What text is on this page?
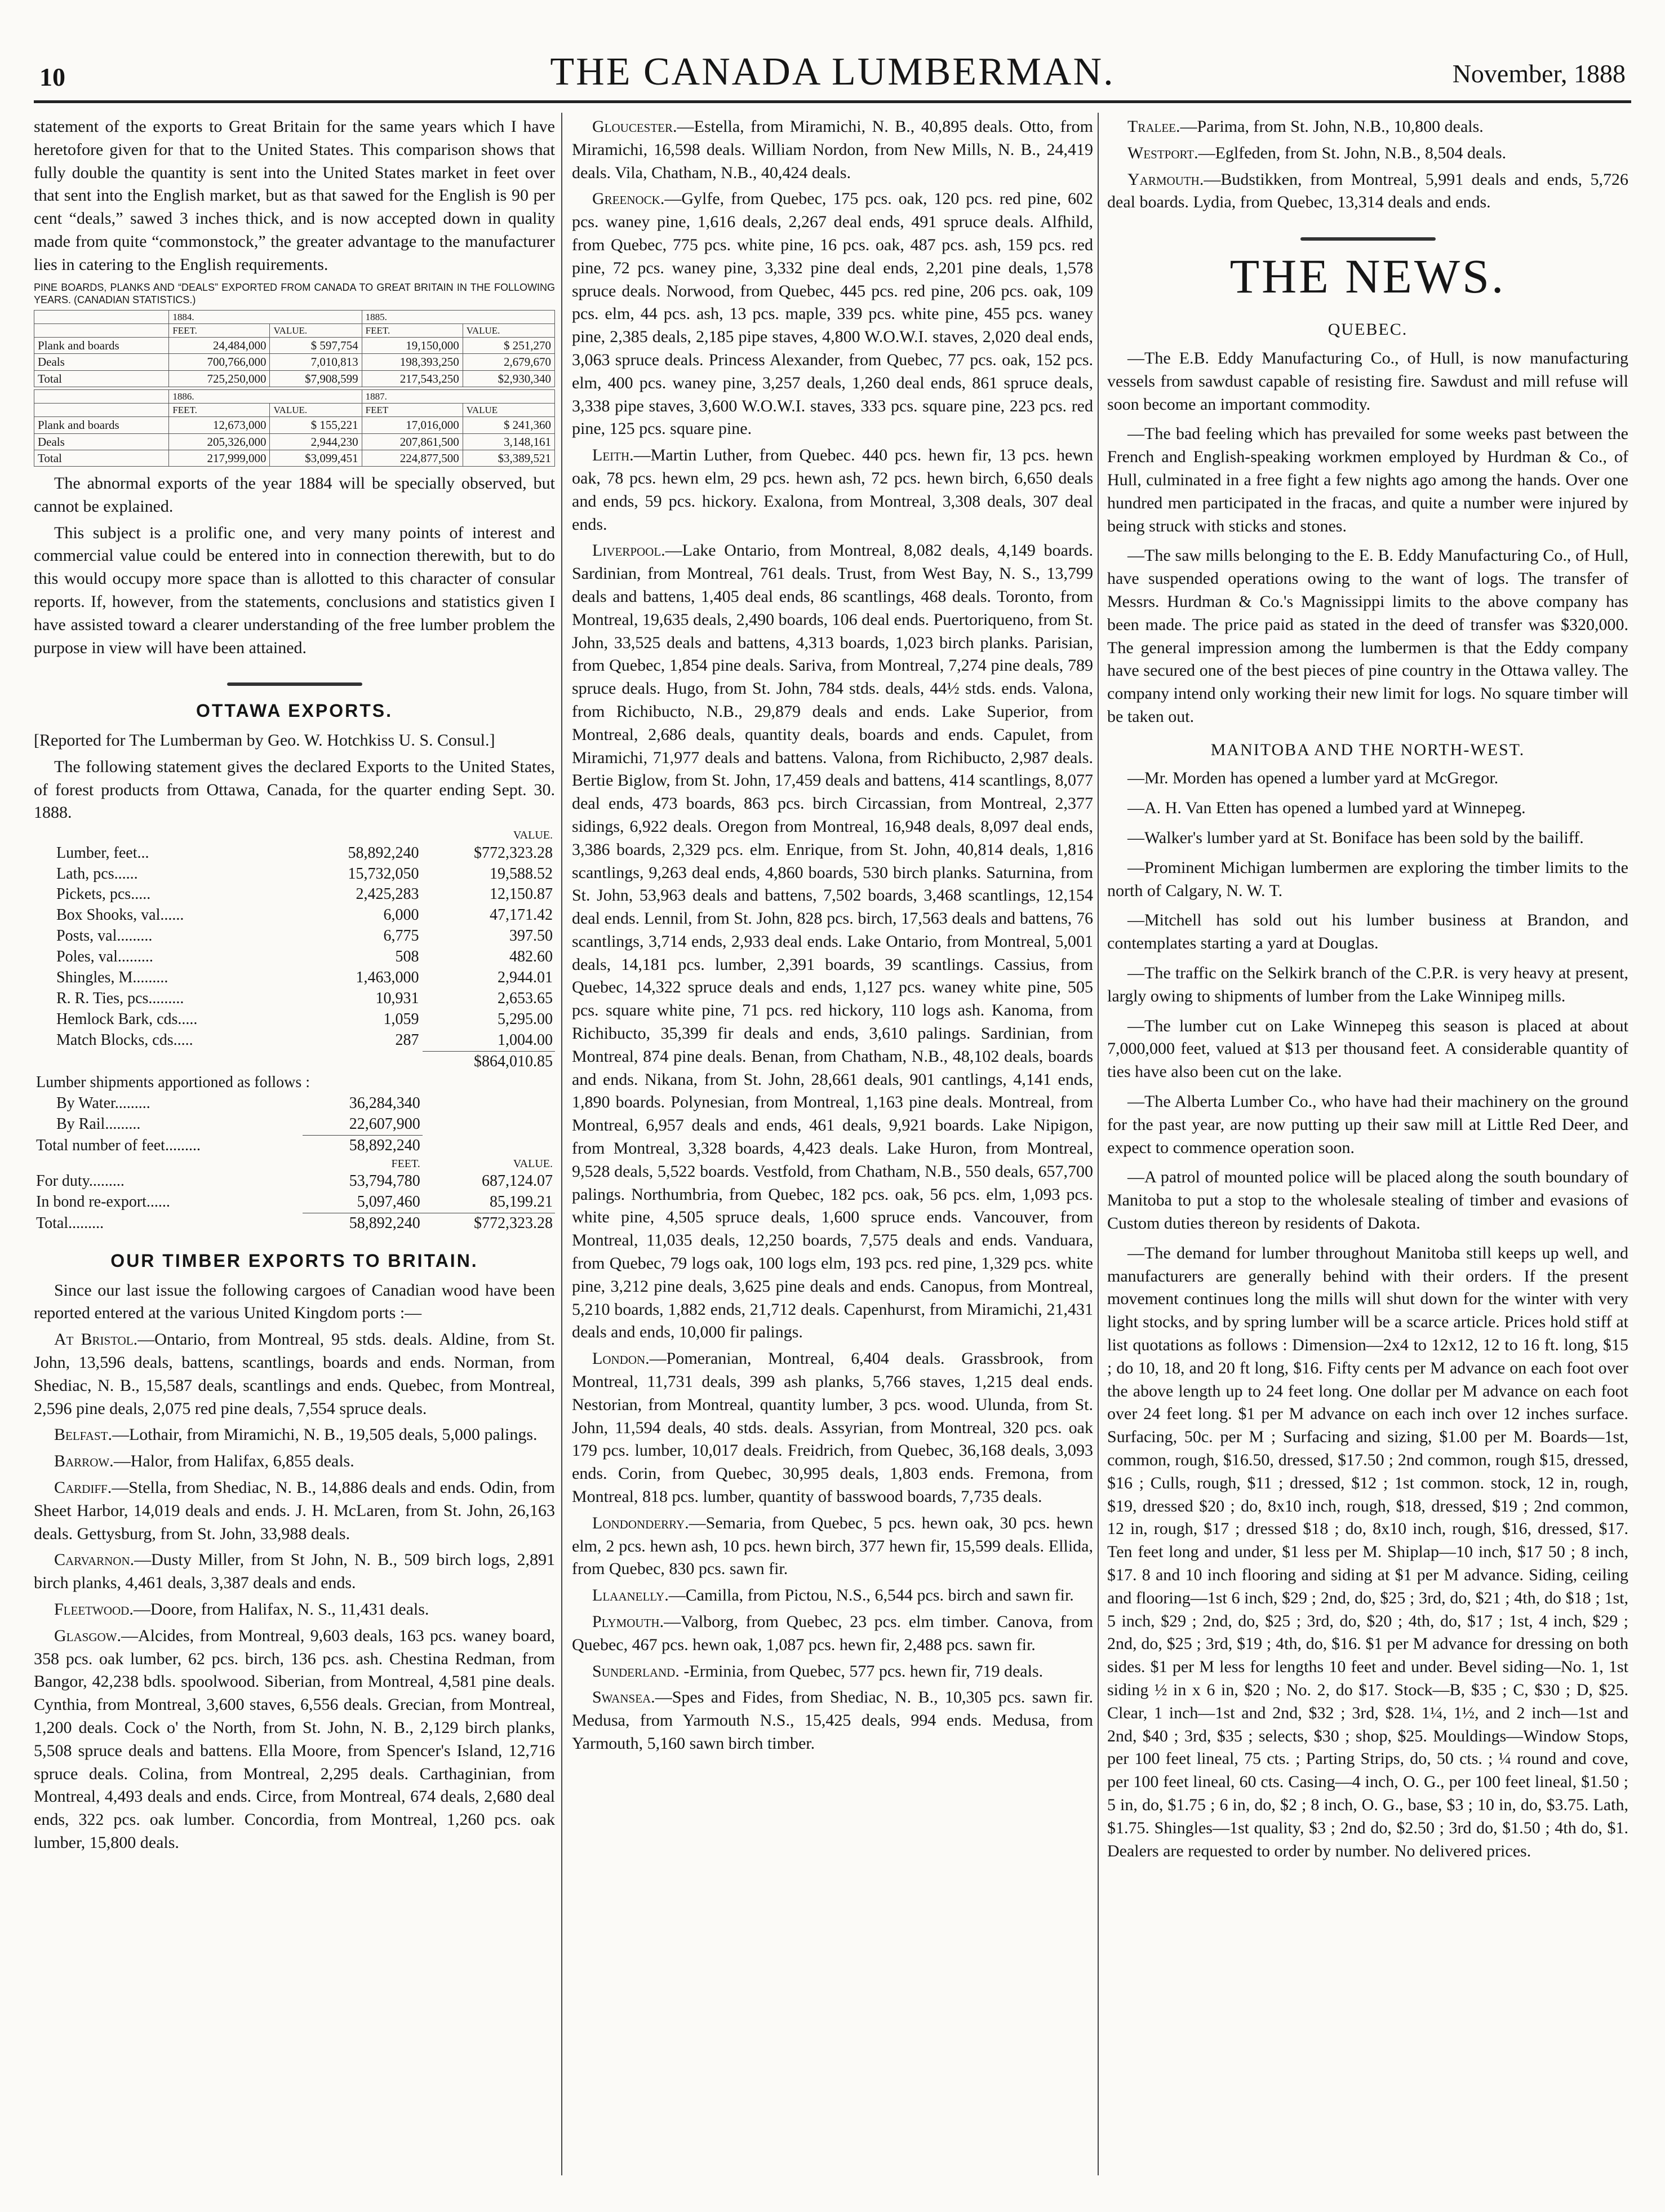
10	THE CANADA LUMBERMAN.	November, 1888

statement of the exports to Great Britain for the same years which I have heretofore given for that to the United States. This comparison shows that fully double the quantity is sent into the United States market in feet over that sent into the English market, but as that sawed for the English is 90 per cent “deals,” sawed 3 inches thick, and is now accepted down in quality made from quite “commonstock,” the greater advantage to the manufacturer lies in catering to the English requirements.

PINE BOARDS, PLANKS AND “DEALS” EXPORTED FROM CANADA TO GREAT BRITAIN IN THE FOLLOWING YEARS. (CANADIAN STATISTICS.)
	1884.		1885.	
	FEET.	VALUE.	FEET.	VALUE.
Plank and boards	24,484,000	$ 597,754	19,150,000	$ 251,270
Deals	700,766,000	7,010,813	198,393,250	2,679,670
Total	725,250,000	$7,908,599	217,543,250	$2,930,340
	1886.		1887.	
	FEET.	VALUE.	FEET	VALUE
Plank and boards	12,673,000	$ 155,221	17,016,000	$ 241,360
Deals	205,326,000	2,944,230	207,861,500	3,148,161
Total	217,999,000	$3,099,451	224,877,500	$3,389,521

The abnormal exports of the year 1884 will be specially observed, but cannot be explained.

This subject is a prolific one, and very many points of interest and commercial value could be entered into in connection therewith, but to do this would occupy more space than is allotted to this character of consular reports. If, however, from the statements, conclusions and statistics given I have assisted toward a clearer understanding of the free lumber problem the purpose in view will have been attained.

OTTAWA EXPORTS.

[Reported for The Lumberman by Geo. W. Hotchkiss U. S. Consul.]

The following statement gives the declared Exports to the United States, of forest products from Ottawa, Canada, for the quarter ending Sept. 30. 1888.

		VALUE.
Lumber, feet...	58,892,240	$772,323.28
Lath, pcs......	15,732,050	19,588.52
Pickets, pcs.....	2,425,283	12,150.87
Box Shooks, val......	6,000	47,171.42
Posts, val.........	6,775	397.50
Poles, val.........	508	482.60
Shingles, M.........	1,463,000	2,944.01
R. R. Ties, pcs.........	10,931	2,653.65
Hemlock Bark, cds.....	1,059	5,295.00
Match Blocks, cds.....	287	1,004.00
		$864,010.85
Lumber shipments apportioned as follows :		
By Water.........	36,284,340	
By Rail.........	22,607,900	
Total number of feet.........	58,892,240	
	FEET.	VALUE.
For duty.........	53,794,780	687,124.07
In bond re-export......	5,097,460	85,199.21
Total.........	58,892,240	$772,323.28
OUR TIMBER EXPORTS TO BRITAIN.

Since our last issue the following cargoes of Canadian wood have been reported entered at the various United Kingdom ports :—

At Bristol.—Ontario, from Montreal, 95 stds. deals. Aldine, from St. John, 13,596 deals, battens, scantlings, boards and ends. Norman, from Shediac, N. B., 15,587 deals, scantlings and ends. Quebec, from Montreal, 2,596 pine deals, 2,075 red pine deals, 7,554 spruce deals.

Belfast.—Lothair, from Miramichi, N. B., 19,505 deals, 5,000 palings.

Barrow.—Halor, from Halifax, 6,855 deals.

Cardiff.—Stella, from Shediac, N. B., 14,886 deals and ends. Odin, from Sheet Harbor, 14,019 deals and ends. J. H. McLaren, from St. John, 26,163 deals. Gettysburg, from St. John, 33,988 deals.

Carvarnon.—Dusty Miller, from St John, N. B., 509 birch logs, 2,891 birch planks, 4,461 deals, 3,387 deals and ends.

Fleetwood.—Doore, from Halifax, N. S., 11,431 deals.

Glasgow.—Alcides, from Montreal, 9,603 deals, 163 pcs. waney board, 358 pcs. oak lumber, 62 pcs. birch, 136 pcs. ash. Chestina Redman, from Bangor, 42,238 bdls. spoolwood. Siberian, from Montreal, 4,581 pine deals. Cynthia, from Montreal, 3,600 staves, 6,556 deals. Grecian, from Montreal, 1,200 deals. Cock o' the North, from St. John, N. B., 2,129 birch planks, 5,508 spruce deals and battens. Ella Moore, from Spencer's Island, 12,716 spruce deals. Colina, from Montreal, 2,295 deals. Carthaginian, from Montreal, 4,493 deals and ends. Circe, from Montreal, 674 deals, 2,680 deal ends, 322 pcs. oak lumber. Concordia, from Montreal, 1,260 pcs. oak lumber, 15,800 deals.

Gloucester.—Estella, from Miramichi, N. B., 40,895 deals. Otto, from Miramichi, 16,598 deals. William Nordon, from New Mills, N. B., 24,419 deals. Vila, Chatham, N.B., 40,424 deals.

Greenock.—Gylfe, from Quebec, 175 pcs. oak, 120 pcs. red pine, 602 pcs. waney pine, 1,616 deals, 2,267 deal ends, 491 spruce deals. Alfhild, from Quebec, 775 pcs. white pine, 16 pcs. oak, 487 pcs. ash, 159 pcs. red pine, 72 pcs. waney pine, 3,332 pine deal ends, 2,201 pine deals, 1,578 spruce deals. Norwood, from Quebec, 445 pcs. red pine, 206 pcs. oak, 109 pcs. elm, 44 pcs. ash, 13 pcs. maple, 339 pcs. white pine, 455 pcs. waney pine, 2,385 deals, 2,185 pipe staves, 4,800 W.O.W.I. staves, 2,020 deal ends, 3,063 spruce deals. Princess Alexander, from Quebec, 77 pcs. oak, 152 pcs. elm, 400 pcs. waney pine, 3,257 deals, 1,260 deal ends, 861 spruce deals, 3,338 pipe staves, 3,600 W.O.W.I. staves, 333 pcs. square pine, 223 pcs. red pine, 125 pcs. square pine.

Leith.—Martin Luther, from Quebec. 440 pcs. hewn fir, 13 pcs. hewn oak, 78 pcs. hewn elm, 29 pcs. hewn ash, 72 pcs. hewn birch, 6,650 deals and ends, 59 pcs. hickory. Exalona, from Montreal, 3,308 deals, 307 deal ends.

Liverpool.—Lake Ontario, from Montreal, 8,082 deals, 4,149 boards. Sardinian, from Montreal, 761 deals. Trust, from West Bay, N. S., 13,799 deals and battens, 1,405 deal ends, 86 scantlings, 468 deals. Toronto, from Montreal, 19,635 deals, 2,490 boards, 106 deal ends. Puertoriqueno, from St. John, 33,525 deals and battens, 4,313 boards, 1,023 birch planks. Parisian, from Quebec, 1,854 pine deals. Sariva, from Montreal, 7,274 pine deals, 789 spruce deals. Hugo, from St. John, 784 stds. deals, 44½ stds. ends. Valona, from Richibucto, N.B., 29,879 deals and ends. Lake Superior, from Montreal, 2,686 deals, quantity deals, boards and ends. Capulet, from Miramichi, 71,977 deals and battens. Valona, from Richibucto, 2,987 deals. Bertie Biglow, from St. John, 17,459 deals and battens, 414 scantlings, 8,077 deal ends, 473 boards, 863 pcs. birch Circassian, from Montreal, 2,377 sidings, 6,922 deals. Oregon from Montreal, 16,948 deals, 8,097 deal ends, 3,386 boards, 2,329 pcs. elm. Enrique, from St. John, 40,814 deals, 1,816 scantlings, 9,263 deal ends, 4,860 boards, 530 birch planks. Saturnina, from St. John, 53,963 deals and battens, 7,502 boards, 3,468 scantlings, 12,154 deal ends. Lennil, from St. John, 828 pcs. birch, 17,563 deals and battens, 76 scantlings, 3,714 ends, 2,933 deal ends. Lake Ontario, from Montreal, 5,001 deals, 14,181 pcs. lumber, 2,391 boards, 39 scantlings. Cassius, from Quebec, 14,322 spruce deals and ends, 1,127 pcs. waney white pine, 505 pcs. square white pine, 71 pcs. red hickory, 110 logs ash. Kanoma, from Richibucto, 35,399 fir deals and ends, 3,610 palings. Sardinian, from Montreal, 874 pine deals. Benan, from Chatham, N.B., 48,102 deals, boards and ends. Nikana, from St. John, 28,661 deals, 901 cantlings, 4,141 ends, 1,890 boards. Polynesian, from Montreal, 1,163 pine deals. Montreal, from Montreal, 6,957 deals and ends, 461 deals, 9,921 boards. Lake Nipigon, from Montreal, 3,328 boards, 4,423 deals. Lake Huron, from Montreal, 9,528 deals, 5,522 boards. Vestfold, from Chatham, N.B., 550 deals, 657,700 palings. Northumbria, from Quebec, 182 pcs. oak, 56 pcs. elm, 1,093 pcs. white pine, 4,505 spruce deals, 1,600 spruce ends. Vancouver, from Montreal, 11,035 deals, 12,250 boards, 7,575 deals and ends. Vanduara, from Quebec, 79 logs oak, 100 logs elm, 193 pcs. red pine, 1,329 pcs. white pine, 3,212 pine deals, 3,625 pine deals and ends. Canopus, from Montreal, 5,210 boards, 1,882 ends, 21,712 deals. Capenhurst, from Miramichi, 21,431 deals and ends, 10,000 fir palings.

London.—Pomeranian, Montreal, 6,404 deals. Grassbrook, from Montreal, 11,731 deals, 399 ash planks, 5,766 staves, 1,215 deal ends. Nestorian, from Montreal, quantity lumber, 3 pcs. wood. Ulunda, from St. John, 11,594 deals, 40 stds. deals. Assyrian, from Montreal, 320 pcs. oak 179 pcs. lumber, 10,017 deals. Freidrich, from Quebec, 36,168 deals, 3,093 ends. Corin, from Quebec, 30,995 deals, 1,803 ends. Fremona, from Montreal, 818 pcs. lumber, quantity of basswood boards, 7,735 deals.

Londonderry.—Semaria, from Quebec, 5 pcs. hewn oak, 30 pcs. hewn elm, 2 pcs. hewn ash, 10 pcs. hewn birch, 377 hewn fir, 15,599 deals. Ellida, from Quebec, 830 pcs. sawn fir.

Llaanelly.—Camilla, from Pictou, N.S., 6,544 pcs. birch and sawn fir.

Plymouth.—Valborg, from Quebec, 23 pcs. elm timber. Canova, from Quebec, 467 pcs. hewn oak, 1,087 pcs. hewn fir, 2,488 pcs. sawn fir.

Sunderland. -Erminia, from Quebec, 577 pcs. hewn fir, 719 deals.

Swansea.—Spes and Fides, from Shediac, N. B., 10,305 pcs. sawn fir. Medusa, from Yarmouth N.S., 15,425 deals, 994 ends. Medusa, from Yarmouth, 5,160 sawn birch timber.

Tralee.—Parima, from St. John, N.B., 10,800 deals.

Westport.—Eglfeden, from St. John, N.B., 8,504 deals.

Yarmouth.—Budstikken, from Montreal, 5,991 deals and ends, 5,726 deal boards. Lydia, from Quebec, 13,314 deals and ends.

THE NEWS.
QUEBEC.

—The E.B. Eddy Manufacturing Co., of Hull, is now manufacturing vessels from sawdust capable of resisting fire. Sawdust and mill refuse will soon become an important commodity.

—The bad feeling which has prevailed for some weeks past between the French and English-speaking workmen employed by Hurdman & Co., of Hull, culminated in a free fight a few nights ago among the hands. Over one hundred men participated in the fracas, and quite a number were injured by being struck with sticks and stones.

—The saw mills belonging to the E. B. Eddy Manufacturing Co., of Hull, have suspended operations owing to the want of logs. The transfer of Messrs. Hurdman & Co.'s Magnissippi limits to the above company has been made. The price paid as stated in the deed of transfer was $320,000. The general impression among the lumbermen is that the Eddy company have secured one of the best pieces of pine country in the Ottawa valley. The company intend only working their new limit for logs. No square timber will be taken out.

MANITOBA AND THE NORTH-WEST.

—Mr. Morden has opened a lumber yard at McGregor.

—A. H. Van Etten has opened a lumbed yard at Winnepeg.

—Walker's lumber yard at St. Boniface has been sold by the bailiff.

—Prominent Michigan lumbermen are exploring the timber limits to the north of Calgary, N. W. T.

—Mitchell has sold out his lumber business at Brandon, and contemplates starting a yard at Douglas.

—The traffic on the Selkirk branch of the C.P.R. is very heavy at present, largly owing to shipments of lumber from the Lake Winnipeg mills.

—The lumber cut on Lake Winnepeg this season is placed at about 7,000,000 feet, valued at $13 per thousand feet. A considerable quantity of ties have also been cut on the lake.

—The Alberta Lumber Co., who have had their machinery on the ground for the past year, are now putting up their saw mill at Little Red Deer, and expect to commence operation soon.

—A patrol of mounted police will be placed along the south boundary of Manitoba to put a stop to the wholesale stealing of timber and evasions of Custom duties thereon by residents of Dakota.

—The demand for lumber throughout Manitoba still keeps up well, and manufacturers are generally behind with their orders. If the present movement continues long the mills will shut down for the winter with very light stocks, and by spring lumber will be a scarce article. Prices hold stiff at list quotations as follows : Dimension—2x4 to 12x12, 12 to 16 ft. long, $15 ; do 10, 18, and 20 ft long, $16. Fifty cents per M advance on each foot over the above length up to 24 feet long. One dollar per M advance on each foot over 24 feet long. $1 per M advance on each inch over 12 inches surface. Surfacing, 50c. per M ; Surfacing and sizing, $1.00 per M. Boards—1st, common, rough, $16.50, dressed, $17.50 ; 2nd common, rough $15, dressed, $16 ; Culls, rough, $11 ; dressed, $12 ; 1st common. stock, 12 in, rough, $19, dressed $20 ; do, 8x10 inch, rough, $18, dressed, $19 ; 2nd common, 12 in, rough, $17 ; dressed $18 ; do, 8x10 inch, rough, $16, dressed, $17. Ten feet long and under, $1 less per M. Shiplap—10 inch, $17 50 ; 8 inch, $17. 8 and 10 inch flooring and siding at $1 per M advance. Siding, ceiling and flooring—1st 6 inch, $29 ; 2nd, do, $25 ; 3rd, do, $21 ; 4th, do $18 ; 1st, 5 inch, $29 ; 2nd, do, $25 ; 3rd, do, $20 ; 4th, do, $17 ; 1st, 4 inch, $29 ; 2nd, do, $25 ; 3rd, $19 ; 4th, do, $16. $1 per M advance for dressing on both sides. $1 per M less for lengths 10 feet and under. Bevel siding—No. 1, 1st siding ½ in x 6 in, $20 ; No. 2, do $17. Stock—B, $35 ; C, $30 ; D, $25. Clear, 1 inch—1st and 2nd, $32 ; 3rd, $28. 1¼, 1½, and 2 inch—1st and 2nd, $40 ; 3rd, $35 ; selects, $30 ; shop, $25. Mouldings—Window Stops, per 100 feet lineal, 75 cts. ; Parting Strips, do, 50 cts. ; ¼ round and cove, per 100 feet lineal, 60 cts. Casing—4 inch, O. G., per 100 feet lineal, $1.50 ; 5 in, do, $1.75 ; 6 in, do, $2 ; 8 inch, O. G., base, $3 ; 10 in, do, $3.75. Lath, $1.75. Shingles—1st quality, $3 ; 2nd do, $2.50 ; 3rd do, $1.50 ; 4th do, $1. Dealers are requested to order by number. No delivered prices.
